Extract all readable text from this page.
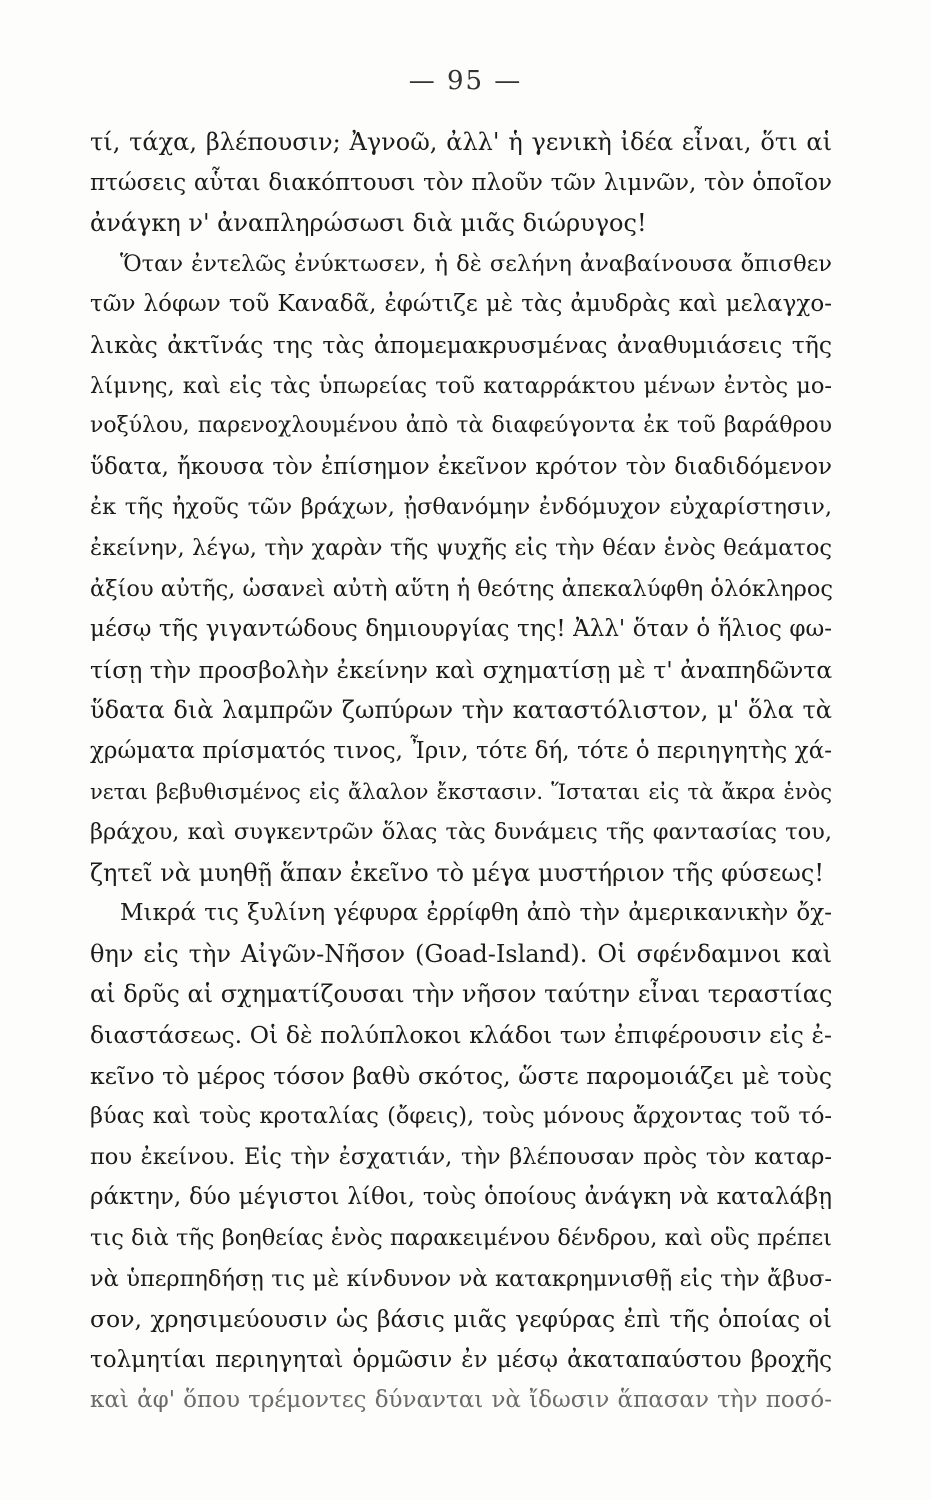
— 95 —
τί, τάχα, βλέπουσιν; Ἀγνοῶ, ἀλλ' ἡ γενικὴ ἰδέα εἶναι, ὅτι αἱ
πτώσεις αὗται διακόπτουσι τὸν πλοῦν τῶν λιμνῶν, τὸν ὁποῖον
ἀνάγκη ν' ἀναπληρώσωσι διὰ μιᾶς διώρυγος!
Ὅταν ἐντελῶς ἐνύκτωσεν, ἡ δὲ σελήνη ἀναβαίνουσα ὄπισθεν
τῶν λόφων τοῦ Καναδᾶ, ἐφώτιζε μὲ τὰς ἀμυδρὰς καὶ μελαγχο-
λικὰς ἀκτῖνάς της τὰς ἀπομεμακρυσμένας ἀναθυμιάσεις τῆς
λίμνης, καὶ εἰς τὰς ὑπωρείας τοῦ καταρράκτου μένων ἐντὸς μο-
νοξύλου, παρενοχλουμένου ἀπὸ τὰ διαφεύγοντα ἐκ τοῦ βαράθρου
ὕδατα, ἤκουσα τὸν ἐπίσημον ἐκεῖνον κρότον τὸν διαδιδόμενον
ἐκ τῆς ἠχοῦς τῶν βράχων, ᾐσθανόμην ἐνδόμυχον εὐχαρίστησιν,
ἐκείνην, λέγω, τὴν χαρὰν τῆς ψυχῆς εἰς τὴν θέαν ἑνὸς θεάματος
ἀξίου αὐτῆς, ὡσανεὶ αὐτὴ αὕτη ἡ θεότης ἀπεκαλύφθη ὁλόκληρος
μέσῳ τῆς γιγαντώδους δημιουργίας της! Ἀλλ' ὅταν ὁ ἥλιος φω-
τίσῃ τὴν προσβολὴν ἐκείνην καὶ σχηματίσῃ μὲ τ' ἀναπηδῶντα
ὕδατα διὰ λαμπρῶν ζωπύρων τὴν καταστόλιστον, μ' ὅλα τὰ
χρώματα πρίσματός τινος, Ἶριν, τότε δή, τότε ὁ περιηγητὴς χά-
νεται βεβυθισμένος εἰς ἄλαλον ἔκστασιν. Ἵσταται εἰς τὰ ἄκρα ἑνὸς
βράχου, καὶ συγκεντρῶν ὅλας τὰς δυνάμεις τῆς φαντασίας του,
ζητεῖ νὰ μυηθῇ ἅπαν ἐκεῖνο τὸ μέγα μυστήριον τῆς φύσεως!
Μικρά τις ξυλίνη γέφυρα ἐρρίφθη ἀπὸ τὴν ἀμερικανικὴν ὄχ-
θην εἰς τὴν Αἰγῶν-Νῆσον (Goad-Island). Οἱ σφένδαμνοι καὶ
αἱ δρῦς αἱ σχηματίζουσαι τὴν νῆσον ταύτην εἶναι τεραστίας
διαστάσεως. Οἱ δὲ πολύπλοκοι κλάδοι των ἐπιφέρουσιν εἰς ἐ-
κεῖνο τὸ μέρος τόσον βαθὺ σκότος, ὥστε παρομοιάζει μὲ τοὺς
βύας καὶ τοὺς κροταλίας (ὄφεις), τοὺς μόνους ἄρχοντας τοῦ τό-
που ἐκείνου. Εἰς τὴν ἐσχατιάν, τὴν βλέπουσαν πρὸς τὸν καταρ-
ράκτην, δύο μέγιστοι λίθοι, τοὺς ὁποίους ἀνάγκη νὰ καταλάβῃ
τις διὰ τῆς βοηθείας ἑνὸς παρακειμένου δένδρου, καὶ οὓς πρέπει
νὰ ὑπερπηδήσῃ τις μὲ κίνδυνον νὰ κατακρημνισθῇ εἰς τὴν ἄβυσ-
σον, χρησιμεύουσιν ὡς βάσις μιᾶς γεφύρας ἐπὶ τῆς ὁποίας οἱ
τολμητίαι περιηγηταὶ ὁρμῶσιν ἐν μέσῳ ἀκαταπαύστου βροχῆς
καὶ ἀφ' ὅπου τρέμοντες δύνανται νὰ ἴδωσιν ἅπασαν τὴν ποσό-
